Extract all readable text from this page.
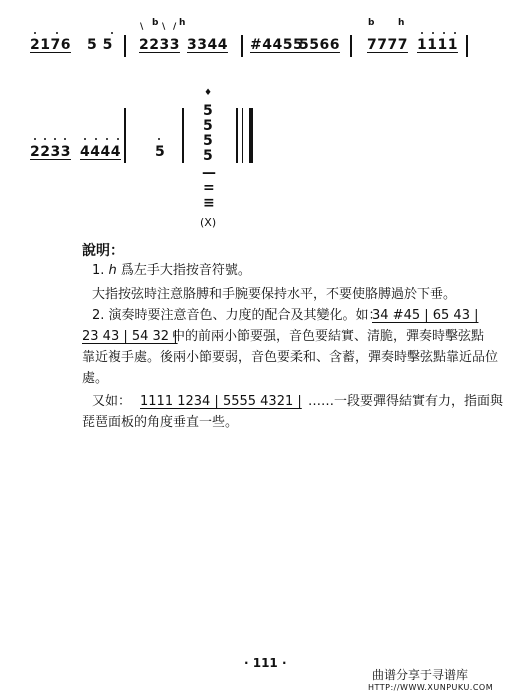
2176 5 5 2233 3344 #4455
5566 7777 1111
\ b \ / h	b	h
2233 4444 5
♦
5
5
5
5
—
=
≡
(X)
說明：
1. ℎ 爲左手大指按音符號。
大指按弦時注意胳膊和手腕要保持水平，不要使胳膊過於下垂。
2. 演奏時要注意音色、力度的配合及其變化。如：
34 #45 | 65 43 |
23 43 | 54 32 |
中的前兩小節要强，音色要結實、清脆，彈奏時擊弦點
靠近複手處。後兩小節要弱，音色要柔和、含蓄，彈奏時擊弦點靠近品位
處。
又如： 1111 1234 | 5555 4321 | ……一段要彈得結實有力，指面與
琵琶面板的角度垂直一些。
· 111 ·
曲谱分享于寻谱库
HTTP://WWW.XUNPUKU.COM
